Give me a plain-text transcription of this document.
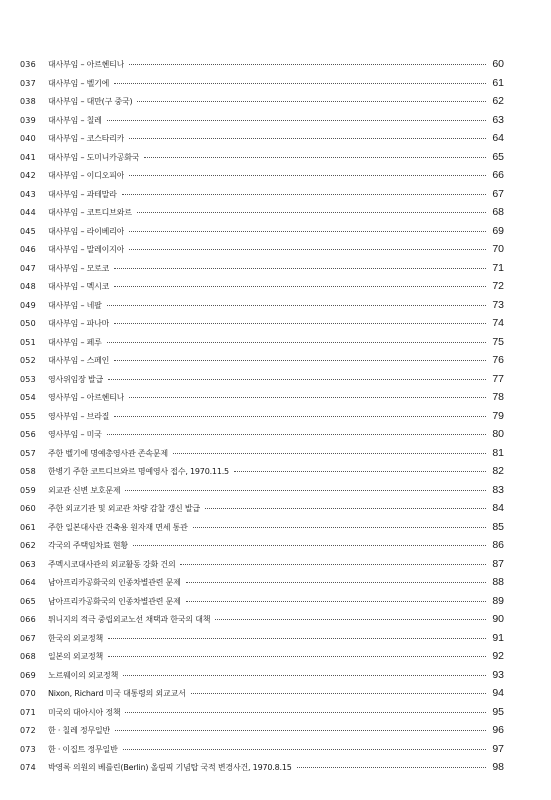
036	대사부임 – 아르헨티나	60
037	대사부임 – 벨기에	61
038	대사부임 – 대만(구 중국)	62
039	대사부임 – 칠레	63
040	대사부임 – 코스타리카	64
041	대사부임 – 도미니카공화국	65
042	대사부임 – 이디오피아	66
043	대사부임 – 과테말라	67
044	대사부임 – 코트디브와르	68
045	대사부임 – 라이베리아	69
046	대사부임 – 말레이지아	70
047	대사부임 – 모로코	71
048	대사부임 – 멕시코	72
049	대사부임 – 네팔	73
050	대사부임 – 파나마	74
051	대사부임 – 페루	75
052	대사부임 – 스페인	76
053	영사위임장 발급	77
054	영사부임 – 아르헨티나	78
055	영사부임 – 브라질	79
056	영사부임 – 미국	80
057	주한 벨기에 명예총영사관 존속문제	81
058	한병기 주한 코트디브와르 명예영사 접수, 1970.11.5	82
059	외교관 신변 보호문제	83
060	주한 외교기관 및 외교관 차량 감찰 갱신 발급	84
061	주한 일본대사관 건축용 원자재 면세 통관	85
062	각국의 주택임차료 현황	86
063	주멕시코대사관의 외교활동 강화 건의	87
064	남아프리카공화국의 인종차별관련 문제	88
065	남아프리카공화국의 인종차별관련 문제	89
066	튀니지의 적극 중립외교노선 채택과 한국의 대책	90
067	한국의 외교정책	91
068	일본의 외교정책	92
069	노르웨이의 외교정책	93
070	Nixon, Richard 미국 대통령의 외교교서	94
071	미국의 대아시아 정책	95
072	한 · 칠레 정무일반	96
073	한 · 이집트 정무일반	97
074	박영록 의원의 베를린(Berlin) 올림픽 기념탑 국적 변경사건, 1970.8.15	98
